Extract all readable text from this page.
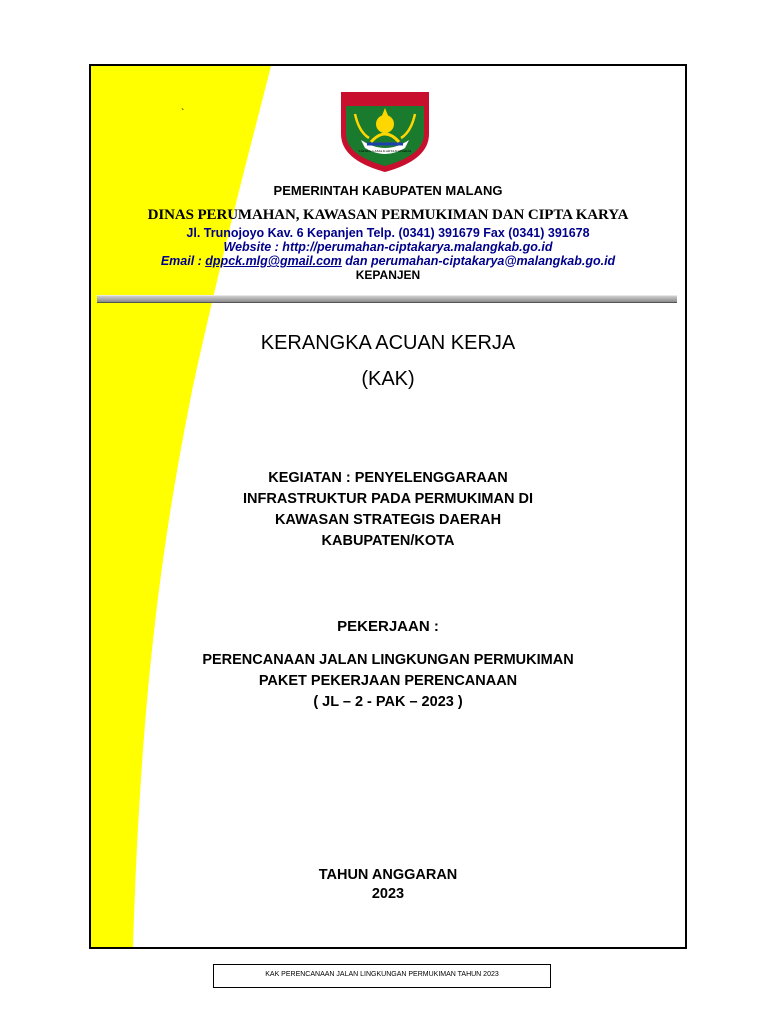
`
KABUPATEN MALANG
SATATA GAMA KARTA RAHARJA
PEMERINTAH KABUPATEN MALANG
DINAS PERUMAHAN, KAWASAN PERMUKIMAN DAN CIPTA KARYA
Jl. Trunojoyo Kav. 6 Kepanjen Telp. (0341) 391679 Fax (0341) 391678
Website : http://perumahan-ciptakarya.malangkab.go.id
Email : dppck.mlg@gmail.com dan perumahan-ciptakarya@malangkab.go.id
KEPANJEN
KERANGKA ACUAN KERJA
(KAK)
KEGIATAN : PENYELENGGARAAN
INFRASTRUKTUR PADA PERMUKIMAN DI
KAWASAN STRATEGIS DAERAH
KABUPATEN/KOTA
PEKERJAAN :
PERENCANAAN JALAN LINGKUNGAN PERMUKIMAN
PAKET PEKERJAAN PERENCANAAN
( JL – 2 - PAK – 2023 )
TAHUN ANGGARAN
2023
KAK PERENCANAAN JALAN LINGKUNGAN PERMUKIMAN TAHUN 2023
